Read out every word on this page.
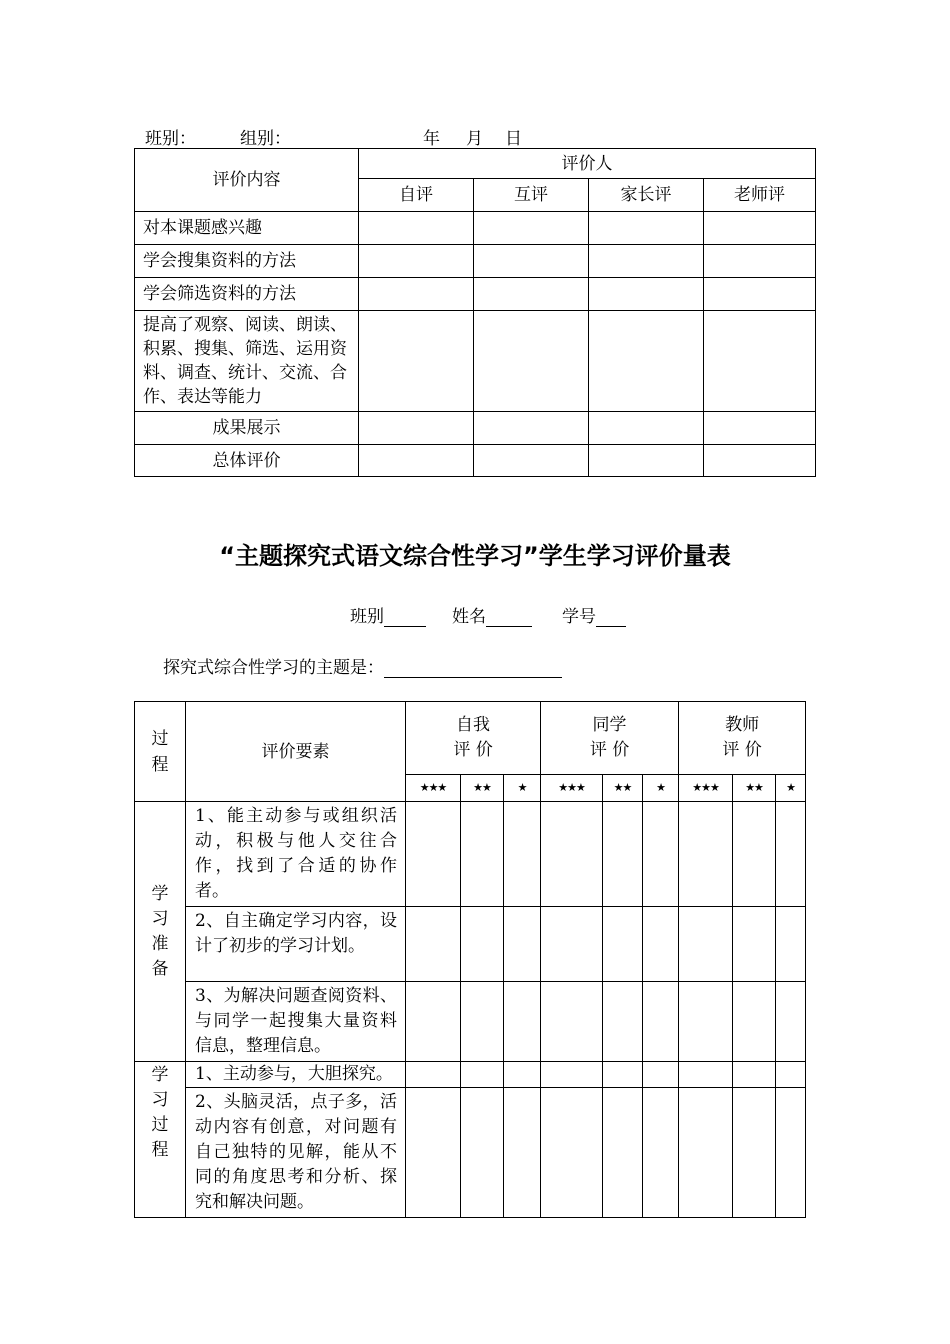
班别：

	组别：

	年

月

日

评价内容	评价人			
	自评	互评	家长评	老师评
对本课题感兴趣				
学会搜集资料的方法				
学会筛选资料的方法				
提高了观察、阅读、朗读、积累、搜集、筛选、运用资料、调查、统计、交流、合作、表达等能力				
成果展示				
总体评价				
“主题探究式语文综合性学习”学生学习评价量表
班别	姓名	学号
探究式综合性学习的主题是：
过程	评价要素	自我评 价			同学评 价			教师评 价		

		★★★	★★	★	★★★	★★	★	★★★	★★	★

学习准备	1、能主动参与或组织活动，积极与他人交往合作，找到了合适的协作者。									
	2、自主确定学习内容，设计了初步的学习计划。									
	3、为解决问题查阅资料、与同学一起搜集大量资料信息，整理信息。									

学习过程	1、主动参与，大胆探究。									
	2、头脑灵活，点子多，活动内容有创意，对问题有自己独特的见解，能从不同的角度思考和分析、探究和解决问题。									
